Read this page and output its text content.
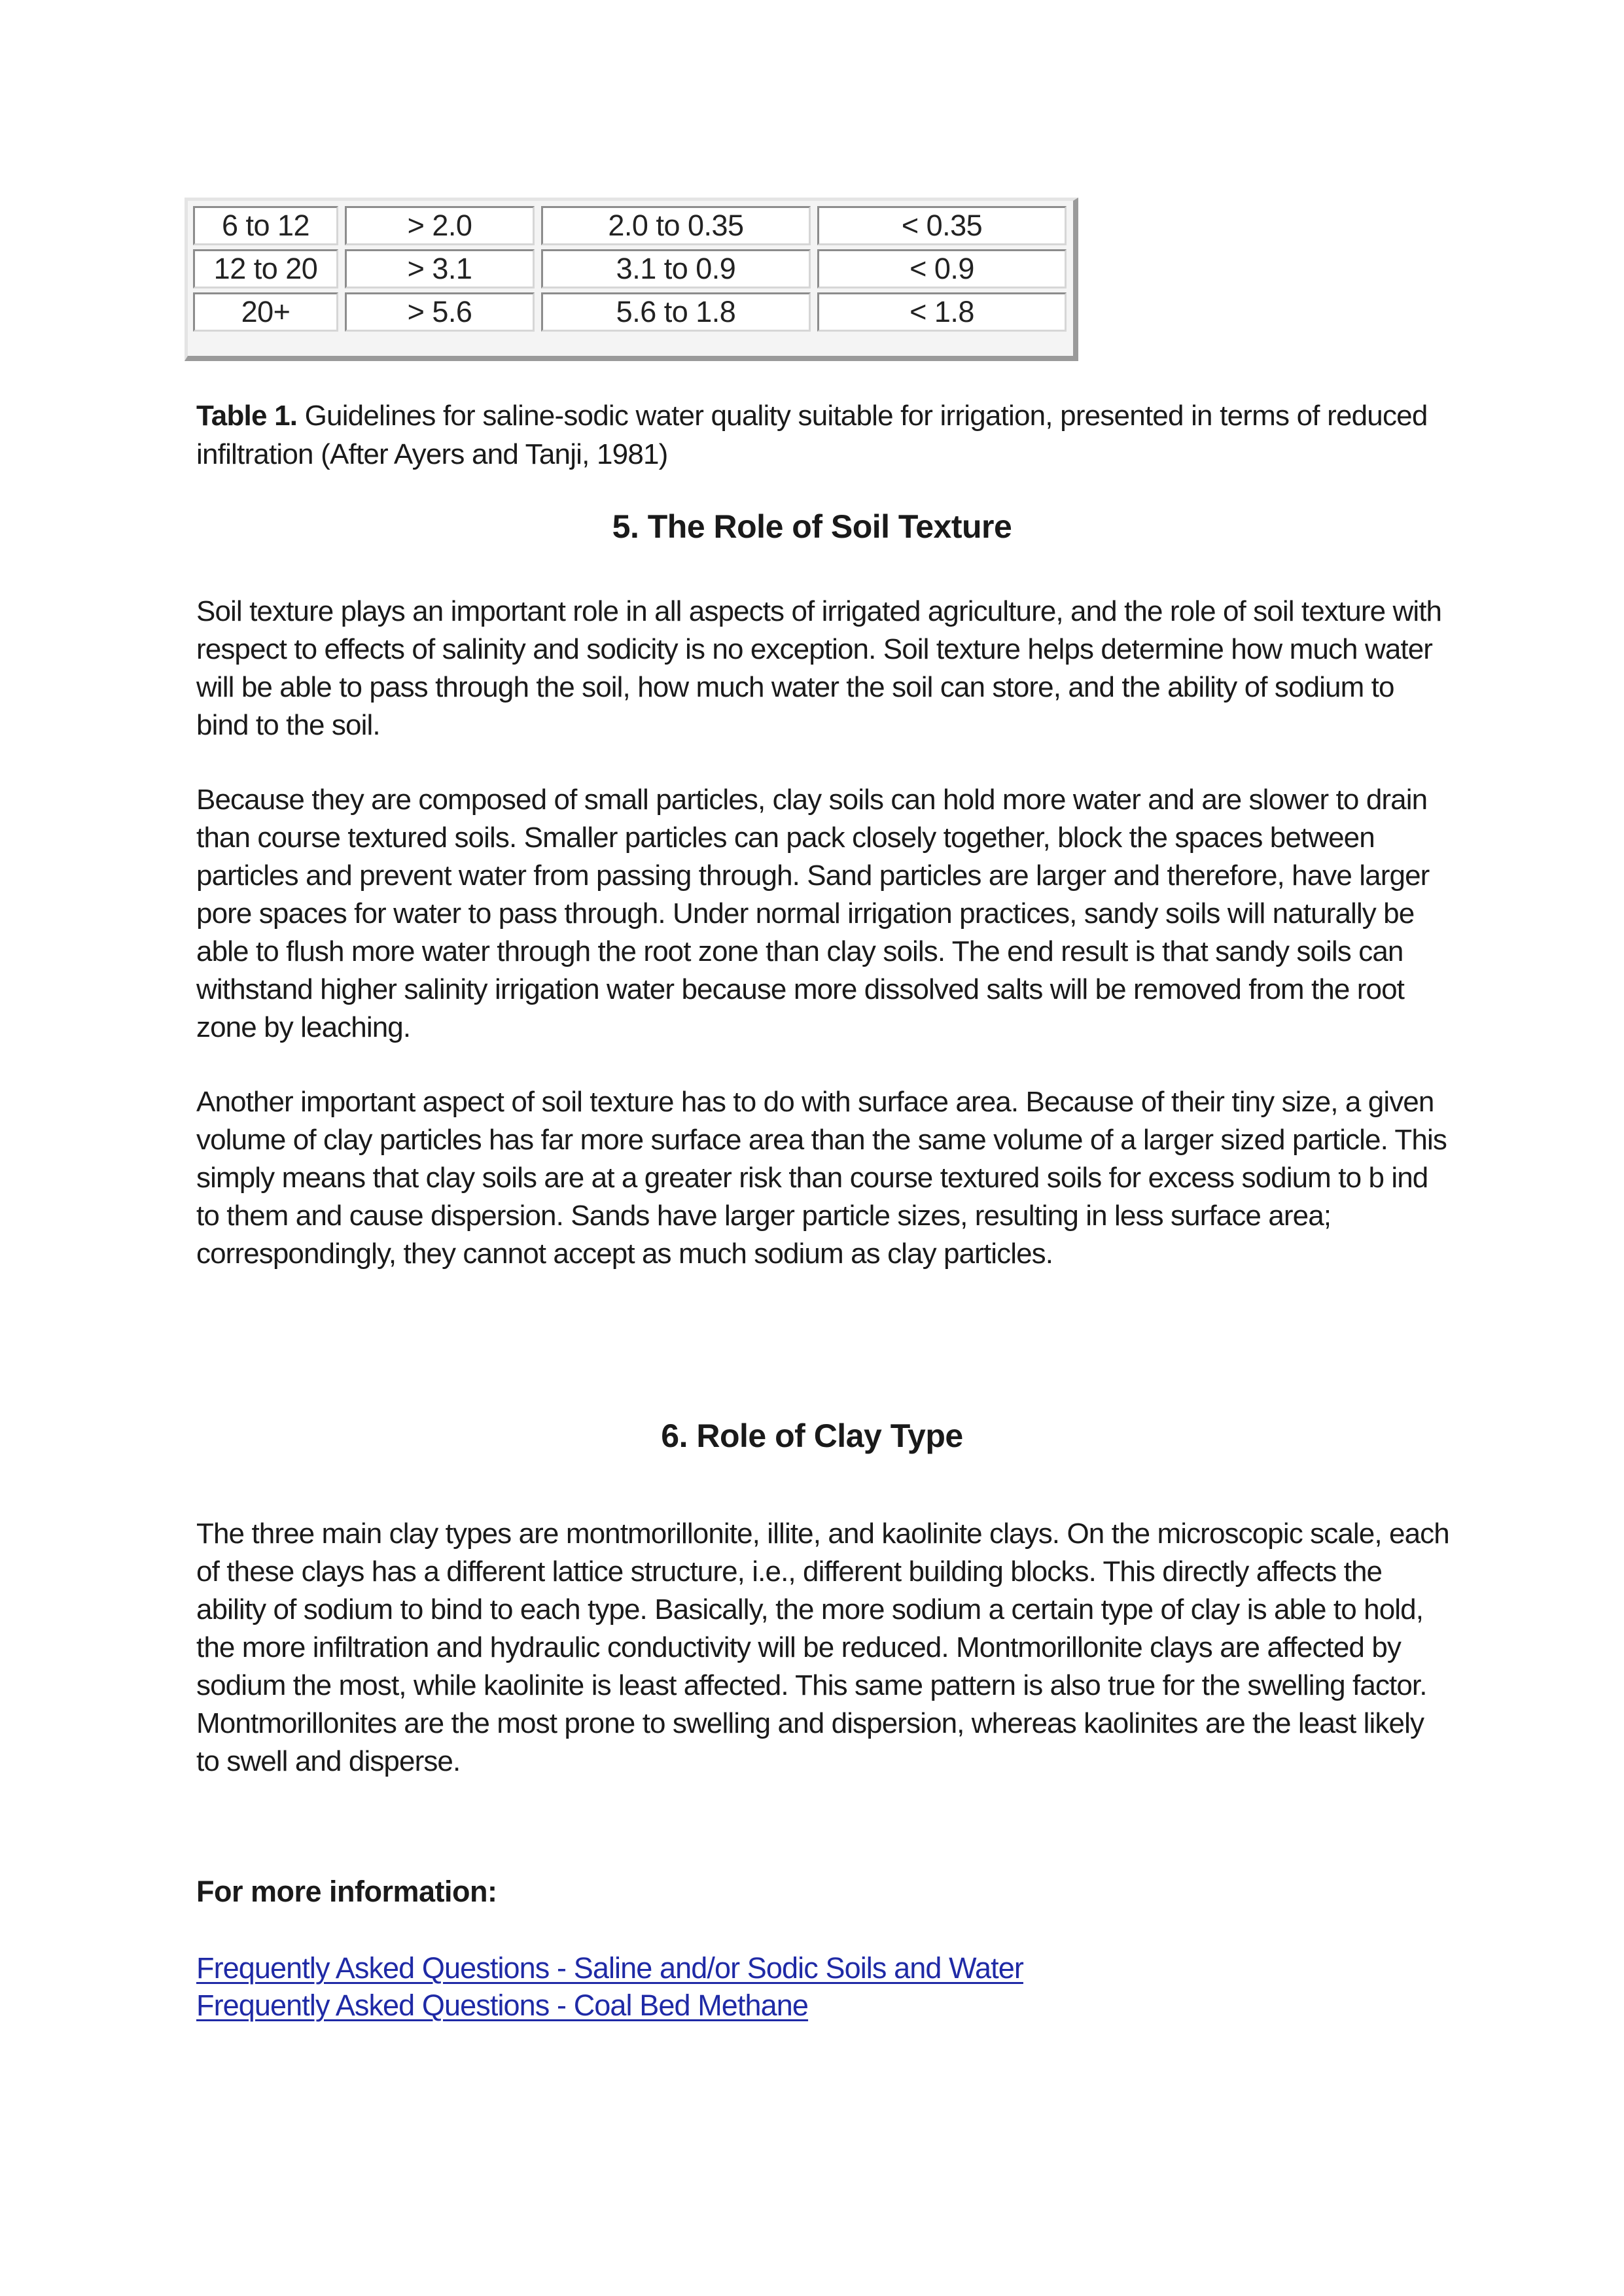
6 to 12	> 2.0	2.0 to 0.35	< 0.35
12 to 20	> 3.1	3.1 to 0.9	< 0.9
20+	> 5.6	5.6 to 1.8	< 1.8
Table 1. Guidelines for saline-sodic water quality suitable for irrigation, presented in terms of reduced infiltration (After Ayers and Tanji, 1981)
5. The Role of Soil Texture

Soil texture plays an important role in all aspects of irrigated agriculture, and the role of soil texture with respect to effects of salinity and sodicity is no exception. Soil texture helps determine how much water will be able to pass through the soil, how much water the soil can store, and the ability of sodium to bind to the soil.

Because they are composed of small particles, clay soils can hold more water and are slower to drain than course textured soils. Smaller particles can pack closely together, block the spaces between particles and prevent water from passing through. Sand particles are larger and therefore, have larger pore spaces for water to pass through. Under normal irrigation practices, sandy soils will naturally be able to flush more water through the root zone than clay soils. The end result is that sandy soils can withstand higher salinity irrigation water because more dissolved salts will be removed from the root zone by leaching.

Another important aspect of soil texture has to do with surface area. Because of their tiny size, a given volume of clay particles has far more surface area than the same volume of a larger sized particle. This simply means that clay soils are at a greater risk than course textured soils for excess sodium to b ind to them and cause dispersion. Sands have larger particle sizes, resulting in less surface area; correspondingly, they cannot accept as much sodium as clay particles.

6. Role of Clay Type

The three main clay types are montmorillonite, illite, and kaolinite clays. On the microscopic scale, each of these clays has a different lattice structure, i.e., different building blocks. This directly affects the ability of sodium to bind to each type. Basically, the more sodium a certain type of clay is able to hold, the more infiltration and hydraulic conductivity will be reduced. Montmorillonite clays are affected by sodium the most, while kaolinite is least affected. This same pattern is also true for the swelling factor. Montmorillonites are the most prone to swelling and dispersion, whereas kaolinites are the least likely to swell and disperse.

For more information:
Frequently Asked Questions - Saline and/or Sodic Soils and Water
Frequently Asked Questions - Coal Bed Methane
